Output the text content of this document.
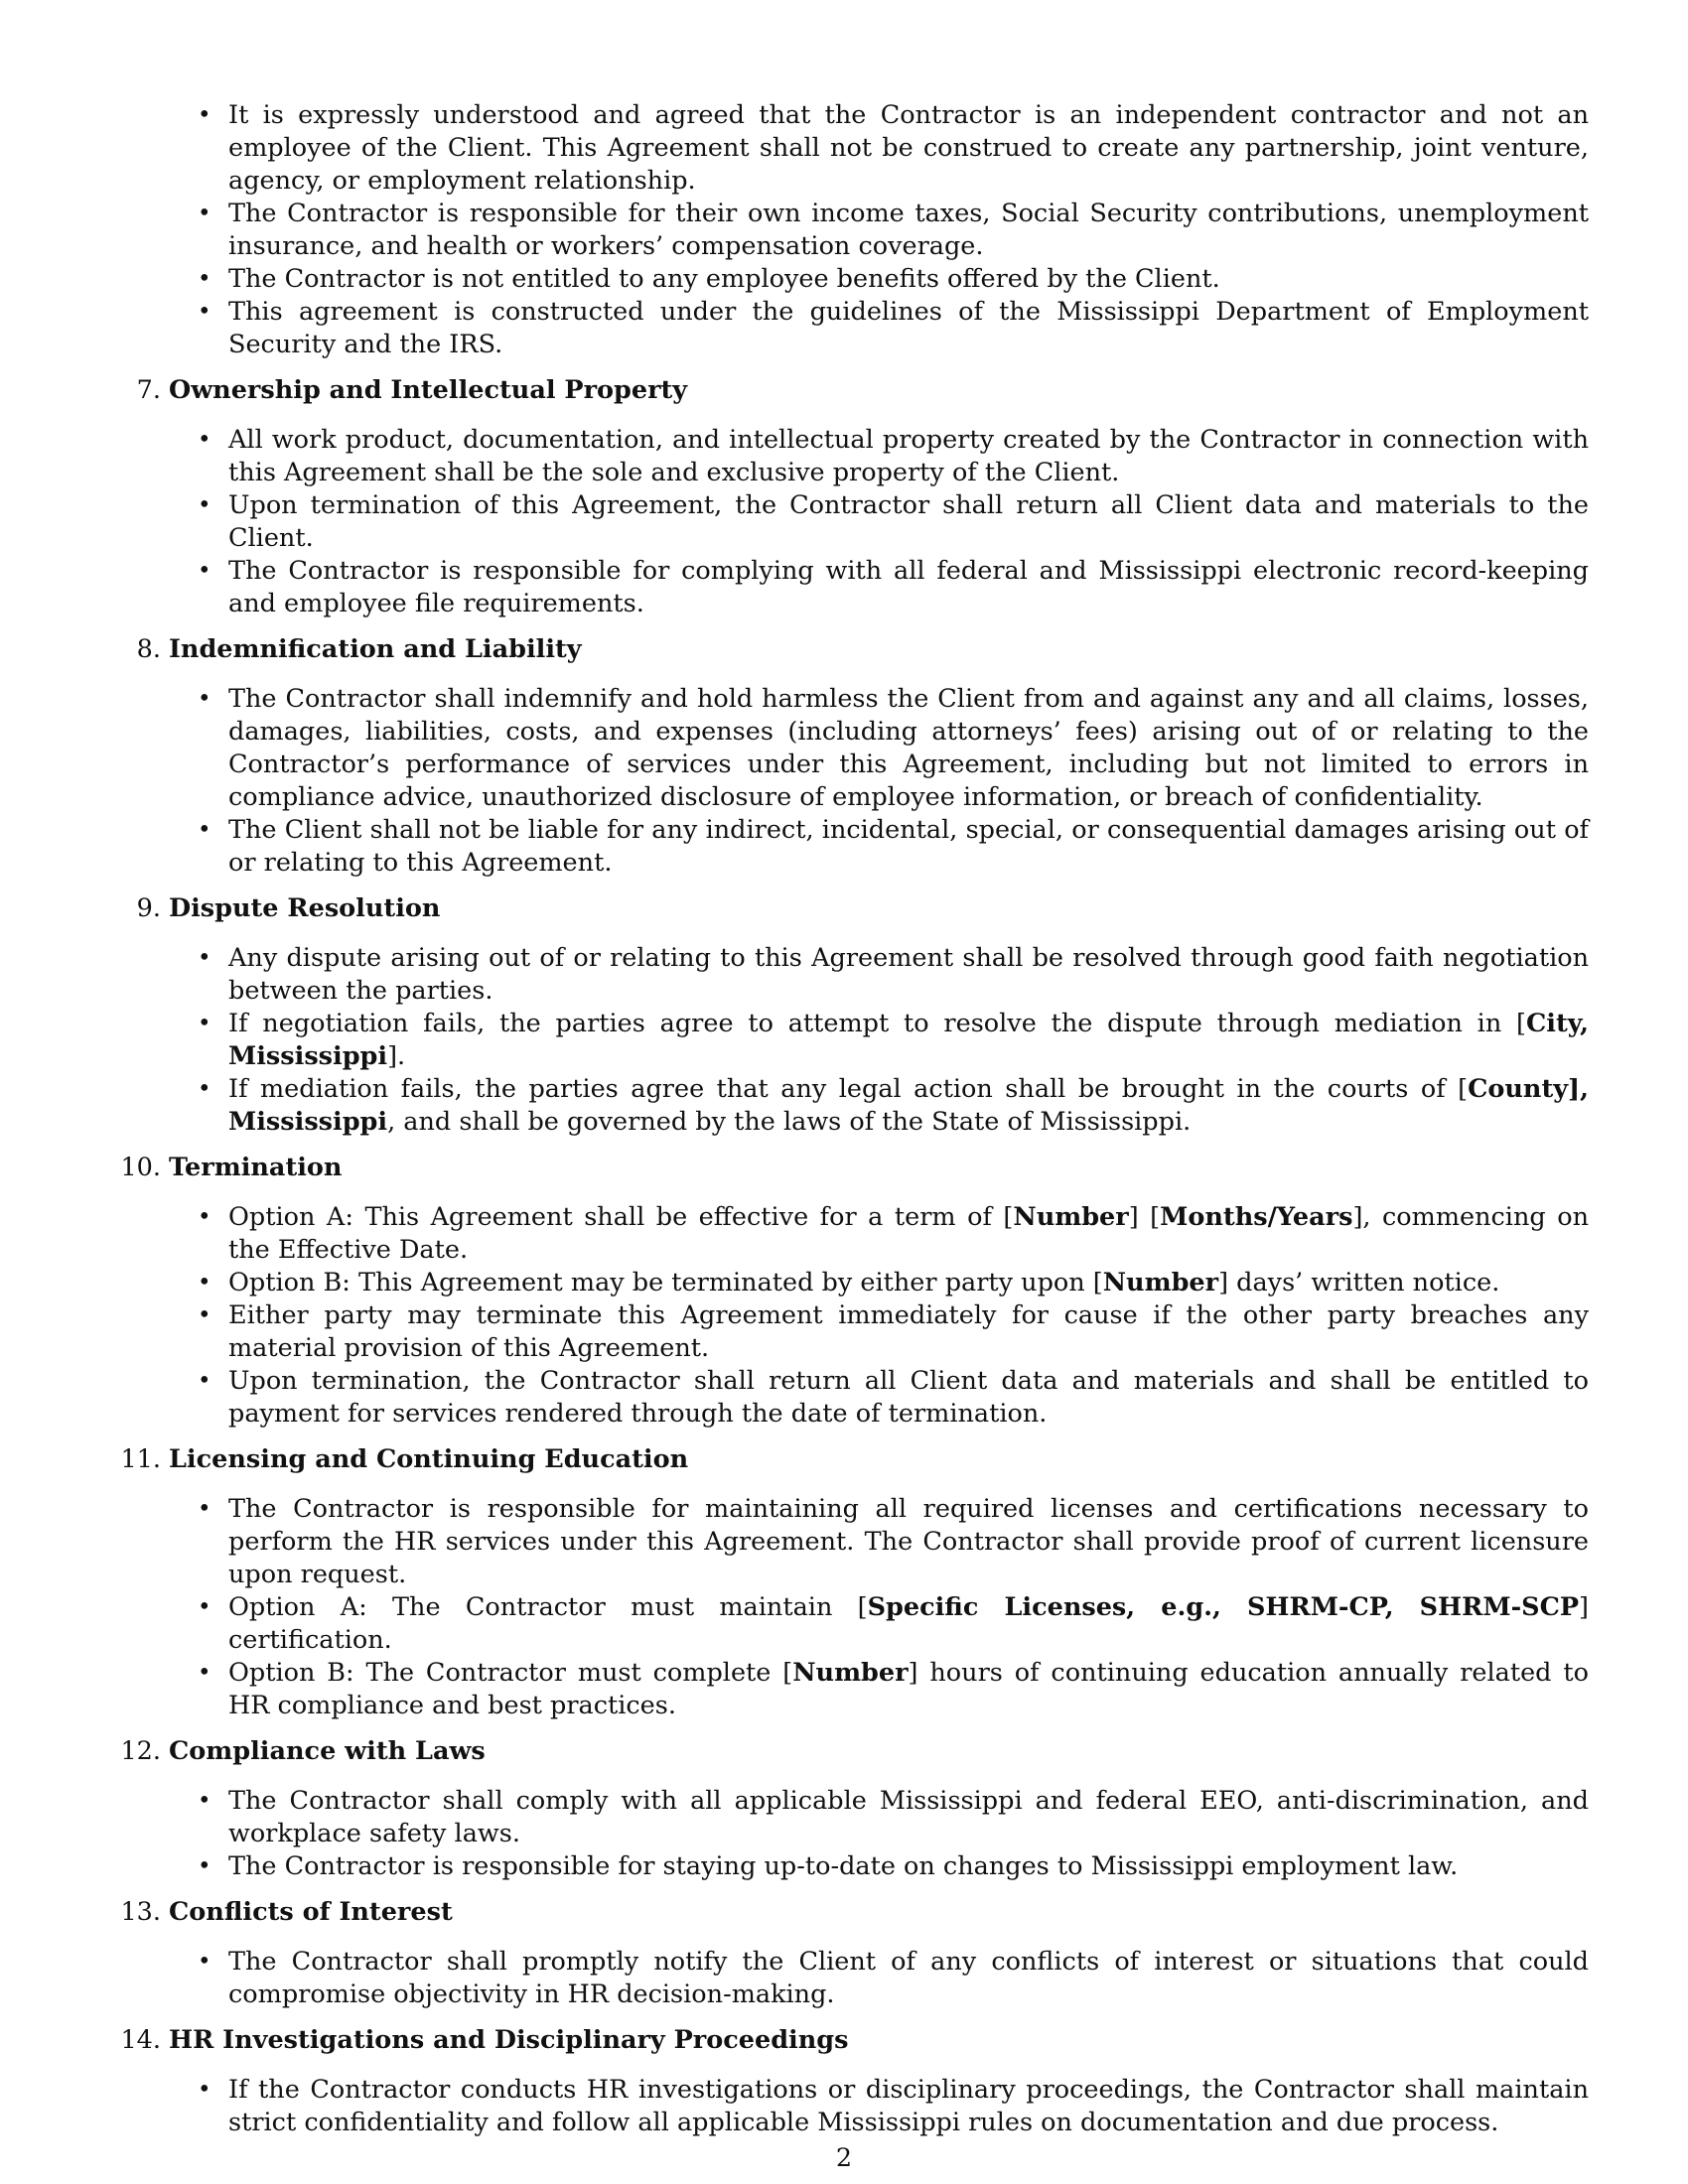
• It is expressly understood and agreed that the Contractor is an independent contractor and not an employee of the Client. This Agreement shall not be construed to create any partnership, joint venture, agency, or employment relationship.
• The Contractor is responsible for their own income taxes, Social Security contributions, unemployment insurance, and health or workers’ compensation coverage.
• The Contractor is not entitled to any employee benefits offered by the Client.
• This agreement is constructed under the guidelines of the Mississippi Department of Employment Security and the IRS.
7. Ownership and Intellectual Property
• All work product, documentation, and intellectual property created by the Contractor in connection with this Agreement shall be the sole and exclusive property of the Client.
• Upon termination of this Agreement, the Contractor shall return all Client data and materials to the Client.
• The Contractor is responsible for complying with all federal and Mississippi electronic record-keeping and employee file requirements.
8. Indemnification and Liability
• The Contractor shall indemnify and hold harmless the Client from and against any and all claims, losses, damages, liabilities, costs, and expenses (including attorneys’ fees) arising out of or relating to the Contractor’s performance of services under this Agreement, including but not limited to errors in compliance advice, unauthorized disclosure of employee information, or breach of confidentiality.
• The Client shall not be liable for any indirect, incidental, special, or consequential damages arising out of or relating to this Agreement.
9. Dispute Resolution
• Any dispute arising out of or relating to this Agreement shall be resolved through good faith negotiation between the parties.
• If negotiation fails, the parties agree to attempt to resolve the dispute through mediation in [City, Mississippi].
• If mediation fails, the parties agree that any legal action shall be brought in the courts of [County], Mississippi, and shall be governed by the laws of the State of Mississippi.
10. Termination
• Option A: This Agreement shall be effective for a term of [Number] [Months/Years], commencing on the Effective Date.
• Option B: This Agreement may be terminated by either party upon [Number] days’ written notice.
• Either party may terminate this Agreement immediately for cause if the other party breaches any material provision of this Agreement.
• Upon termination, the Contractor shall return all Client data and materials and shall be entitled to payment for services rendered through the date of termination.
11. Licensing and Continuing Education
• The Contractor is responsible for maintaining all required licenses and certifications necessary to perform the HR services under this Agreement. The Contractor shall provide proof of current licensure upon request.
• Option A: The Contractor must maintain [Specific Licenses, e.g., SHRM-CP, SHRM-SCP] certification.
• Option B: The Contractor must complete [Number] hours of continuing education annually related to HR compliance and best practices.
12. Compliance with Laws
• The Contractor shall comply with all applicable Mississippi and federal EEO, anti-discrimination, and workplace safety laws.
• The Contractor is responsible for staying up-to-date on changes to Mississippi employment law.
13. Conflicts of Interest
• The Contractor shall promptly notify the Client of any conflicts of interest or situations that could compromise objectivity in HR decision-making.
14. HR Investigations and Disciplinary Proceedings
• If the Contractor conducts HR investigations or disciplinary proceedings, the Contractor shall maintain strict confidentiality and follow all applicable Mississippi rules on documentation and due process.
2
